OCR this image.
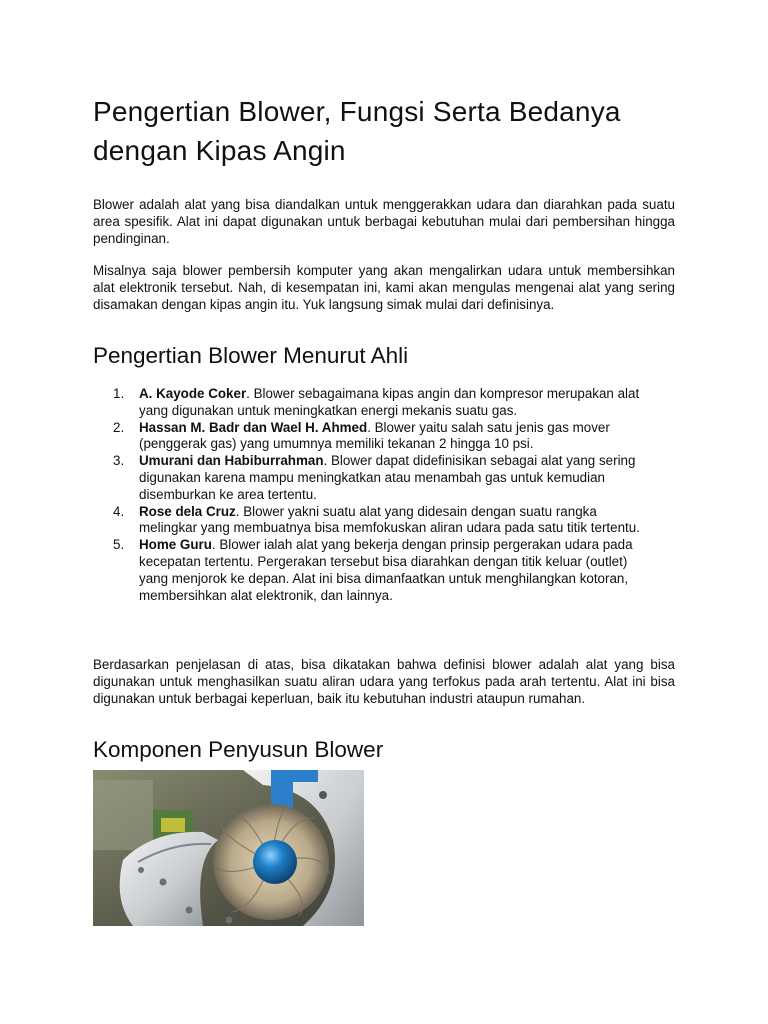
Pengertian Blower, Fungsi Serta Bedanya dengan Kipas Angin

Blower adalah alat yang bisa diandalkan untuk menggerakkan udara dan diarahkan pada suatu area spesifik. Alat ini dapat digunakan untuk berbagai kebutuhan mulai dari pembersihan hingga pendinginan.

Misalnya saja blower pembersih komputer yang akan mengalirkan udara untuk membersihkan alat elektronik tersebut. Nah, di kesempatan ini, kami akan mengulas mengenai alat yang sering disamakan dengan kipas angin itu. Yuk langsung simak mulai dari definisinya.

Pengertian Blower Menurut Ahli
1. A. Kayode Coker. Blower sebagaimana kipas angin dan kompresor merupakan alat yang digunakan untuk meningkatkan energi mekanis suatu gas.
2. Hassan M. Badr dan Wael H. Ahmed. Blower yaitu salah satu jenis gas mover (penggerak gas) yang umumnya memiliki tekanan 2 hingga 10 psi.
3. Umurani dan Habiburrahman. Blower dapat didefinisikan sebagai alat yang sering digunakan karena mampu meningkatkan atau menambah gas untuk kemudian disemburkan ke area tertentu.
4. Rose dela Cruz. Blower yakni suatu alat yang didesain dengan suatu rangka melingkar yang membuatnya bisa memfokuskan aliran udara pada satu titik tertentu.
5. Home Guru. Blower ialah alat yang bekerja dengan prinsip pergerakan udara pada kecepatan tertentu. Pergerakan tersebut bisa diarahkan dengan titik keluar (outlet) yang menjorok ke depan. Alat ini bisa dimanfaatkan untuk menghilangkan kotoran, membersihkan alat elektronik, dan lainnya.

Berdasarkan penjelasan di atas, bisa dikatakan bahwa definisi blower adalah alat yang bisa digunakan untuk menghasilkan suatu aliran udara yang terfokus pada arah tertentu. Alat ini bisa digunakan untuk berbagai keperluan, baik itu kebutuhan industri ataupun rumahan.

Komponen Penyusun Blower
